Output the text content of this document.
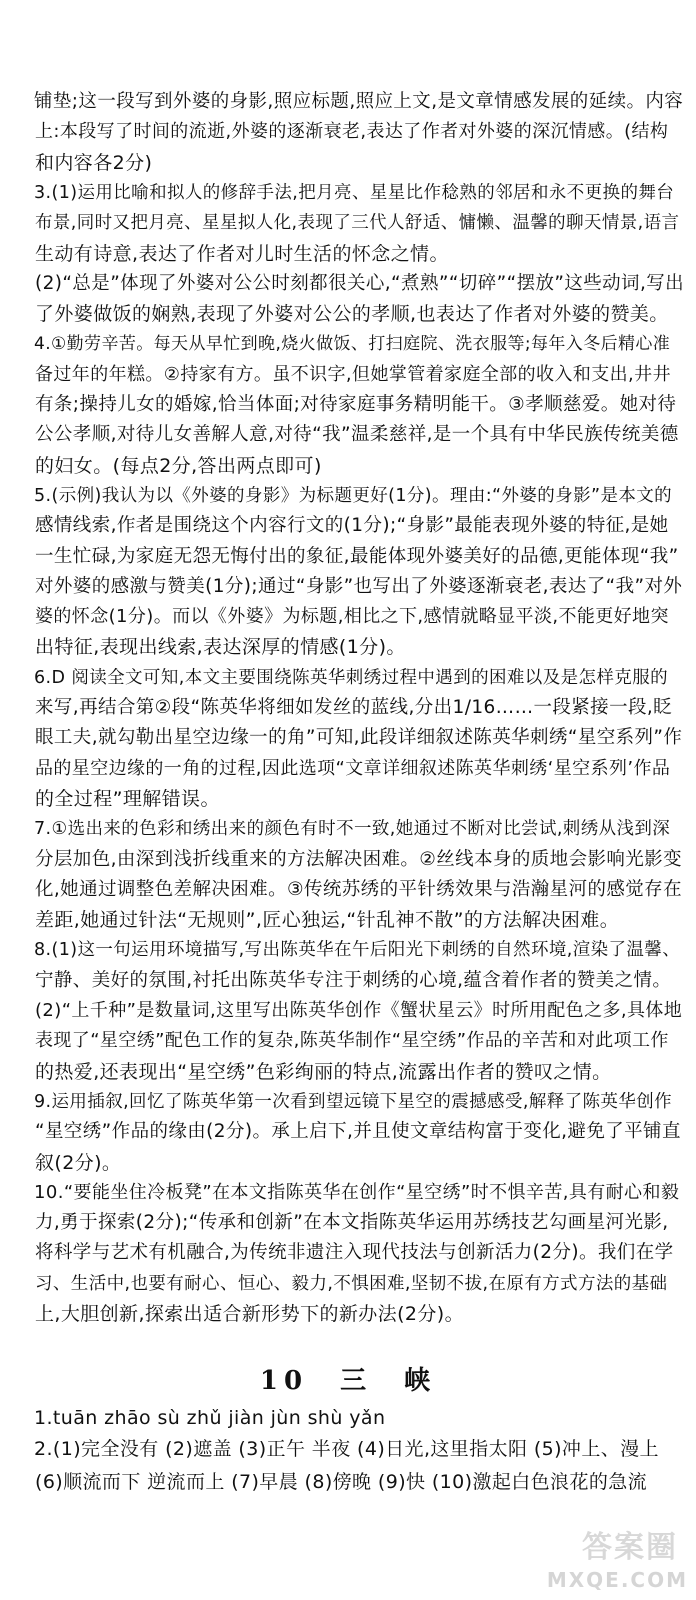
铺垫;这一段写到外婆的身影,照应标题,照应上文,是文章情感发展的延续。内容
上:本段写了时间的流逝,外婆的逐渐衰老,表达了作者对外婆的深沉情感。(结构
和内容各2分)
3.(1)运用比喻和拟人的修辞手法,把月亮、星星比作稔熟的邻居和永不更换的舞台
布景,同时又把月亮、星星拟人化,表现了三代人舒适、慵懒、温馨的聊天情景,语言
生动有诗意,表达了作者对儿时生活的怀念之情。
(2)“总是”体现了外婆对公公时刻都很关心,“煮熟”“切碎”“摆放”这些动词,写出
了外婆做饭的娴熟,表现了外婆对公公的孝顺,也表达了作者对外婆的赞美。
4.①勤劳辛苦。每天从早忙到晚,烧火做饭、打扫庭院、洗衣服等;每年入冬后精心准
备过年的年糕。②持家有方。虽不识字,但她掌管着家庭全部的收入和支出,井井
有条;操持儿女的婚嫁,恰当体面;对待家庭事务精明能干。③孝顺慈爱。她对待
公公孝顺,对待儿女善解人意,对待“我”温柔慈祥,是一个具有中华民族传统美德
的妇女。(每点2分,答出两点即可)
5.(示例)我认为以《外婆的身影》为标题更好(1分)。理由:“外婆的身影”是本文的
感情线索,作者是围绕这个内容行文的(1分);“身影”最能表现外婆的特征,是她
一生忙碌,为家庭无怨无悔付出的象征,最能体现外婆美好的品德,更能体现“我”
对外婆的感激与赞美(1分);通过“身影”也写出了外婆逐渐衰老,表达了“我”对外
婆的怀念(1分)。而以《外婆》为标题,相比之下,感情就略显平淡,不能更好地突
出特征,表现出线索,表达深厚的情感(1分)。
6.D 阅读全文可知,本文主要围绕陈英华刺绣过程中遇到的困难以及是怎样克服的
来写,再结合第②段“陈英华将细如发丝的蓝线,分出1/16……一段紧接一段,眨
眼工夫,就勾勒出星空边缘一的角”可知,此段详细叙述陈英华刺绣“星空系列”作
品的星空边缘的一角的过程,因此选项“文章详细叙述陈英华刺绣‘星空系列’作品
的全过程”理解错误。
7.①选出来的色彩和绣出来的颜色有时不一致,她通过不断对比尝试,刺绣从浅到深
分层加色,由深到浅折线重来的方法解决困难。②丝线本身的质地会影响光影变
化,她通过调整色差解决困难。③传统苏绣的平针绣效果与浩瀚星河的感觉存在
差距,她通过针法“无规则”,匠心独运,“针乱神不散”的方法解决困难。
8.(1)这一句运用环境描写,写出陈英华在午后阳光下刺绣的自然环境,渲染了温馨、
宁静、美好的氛围,衬托出陈英华专注于刺绣的心境,蕴含着作者的赞美之情。
(2)“上千种”是数量词,这里写出陈英华创作《蟹状星云》时所用配色之多,具体地
表现了“星空绣”配色工作的复杂,陈英华制作“星空绣”作品的辛苦和对此项工作
的热爱,还表现出“星空绣”色彩绚丽的特点,流露出作者的赞叹之情。
9.运用插叙,回忆了陈英华第一次看到望远镜下星空的震撼感受,解释了陈英华创作
“星空绣”作品的缘由(2分)。承上启下,并且使文章结构富于变化,避免了平铺直
叙(2分)。
10.“要能坐住冷板凳”在本文指陈英华在创作“星空绣”时不惧辛苦,具有耐心和毅
力,勇于探索(2分);“传承和创新”在本文指陈英华运用苏绣技艺勾画星河光影,
将科学与艺术有机融合,为传统非遗注入现代技法与创新活力(2分)。我们在学
习、生活中,也要有耐心、恒心、毅力,不惧困难,坚韧不拔,在原有方式方法的基础
上,大胆创新,探索出适合新形势下的新办法(2分)。
10　三　峡
1.tuān zhāo sù zhǔ jiàn jùn shù yǎn
2.(1)完全没有 (2)遮盖 (3)正午 半夜 (4)日光,这里指太阳 (5)冲上、漫上
(6)顺流而下 逆流而上 (7)早晨 (8)傍晚 (9)快 (10)激起白色浪花的急流
答案圈
MXQE.COM
